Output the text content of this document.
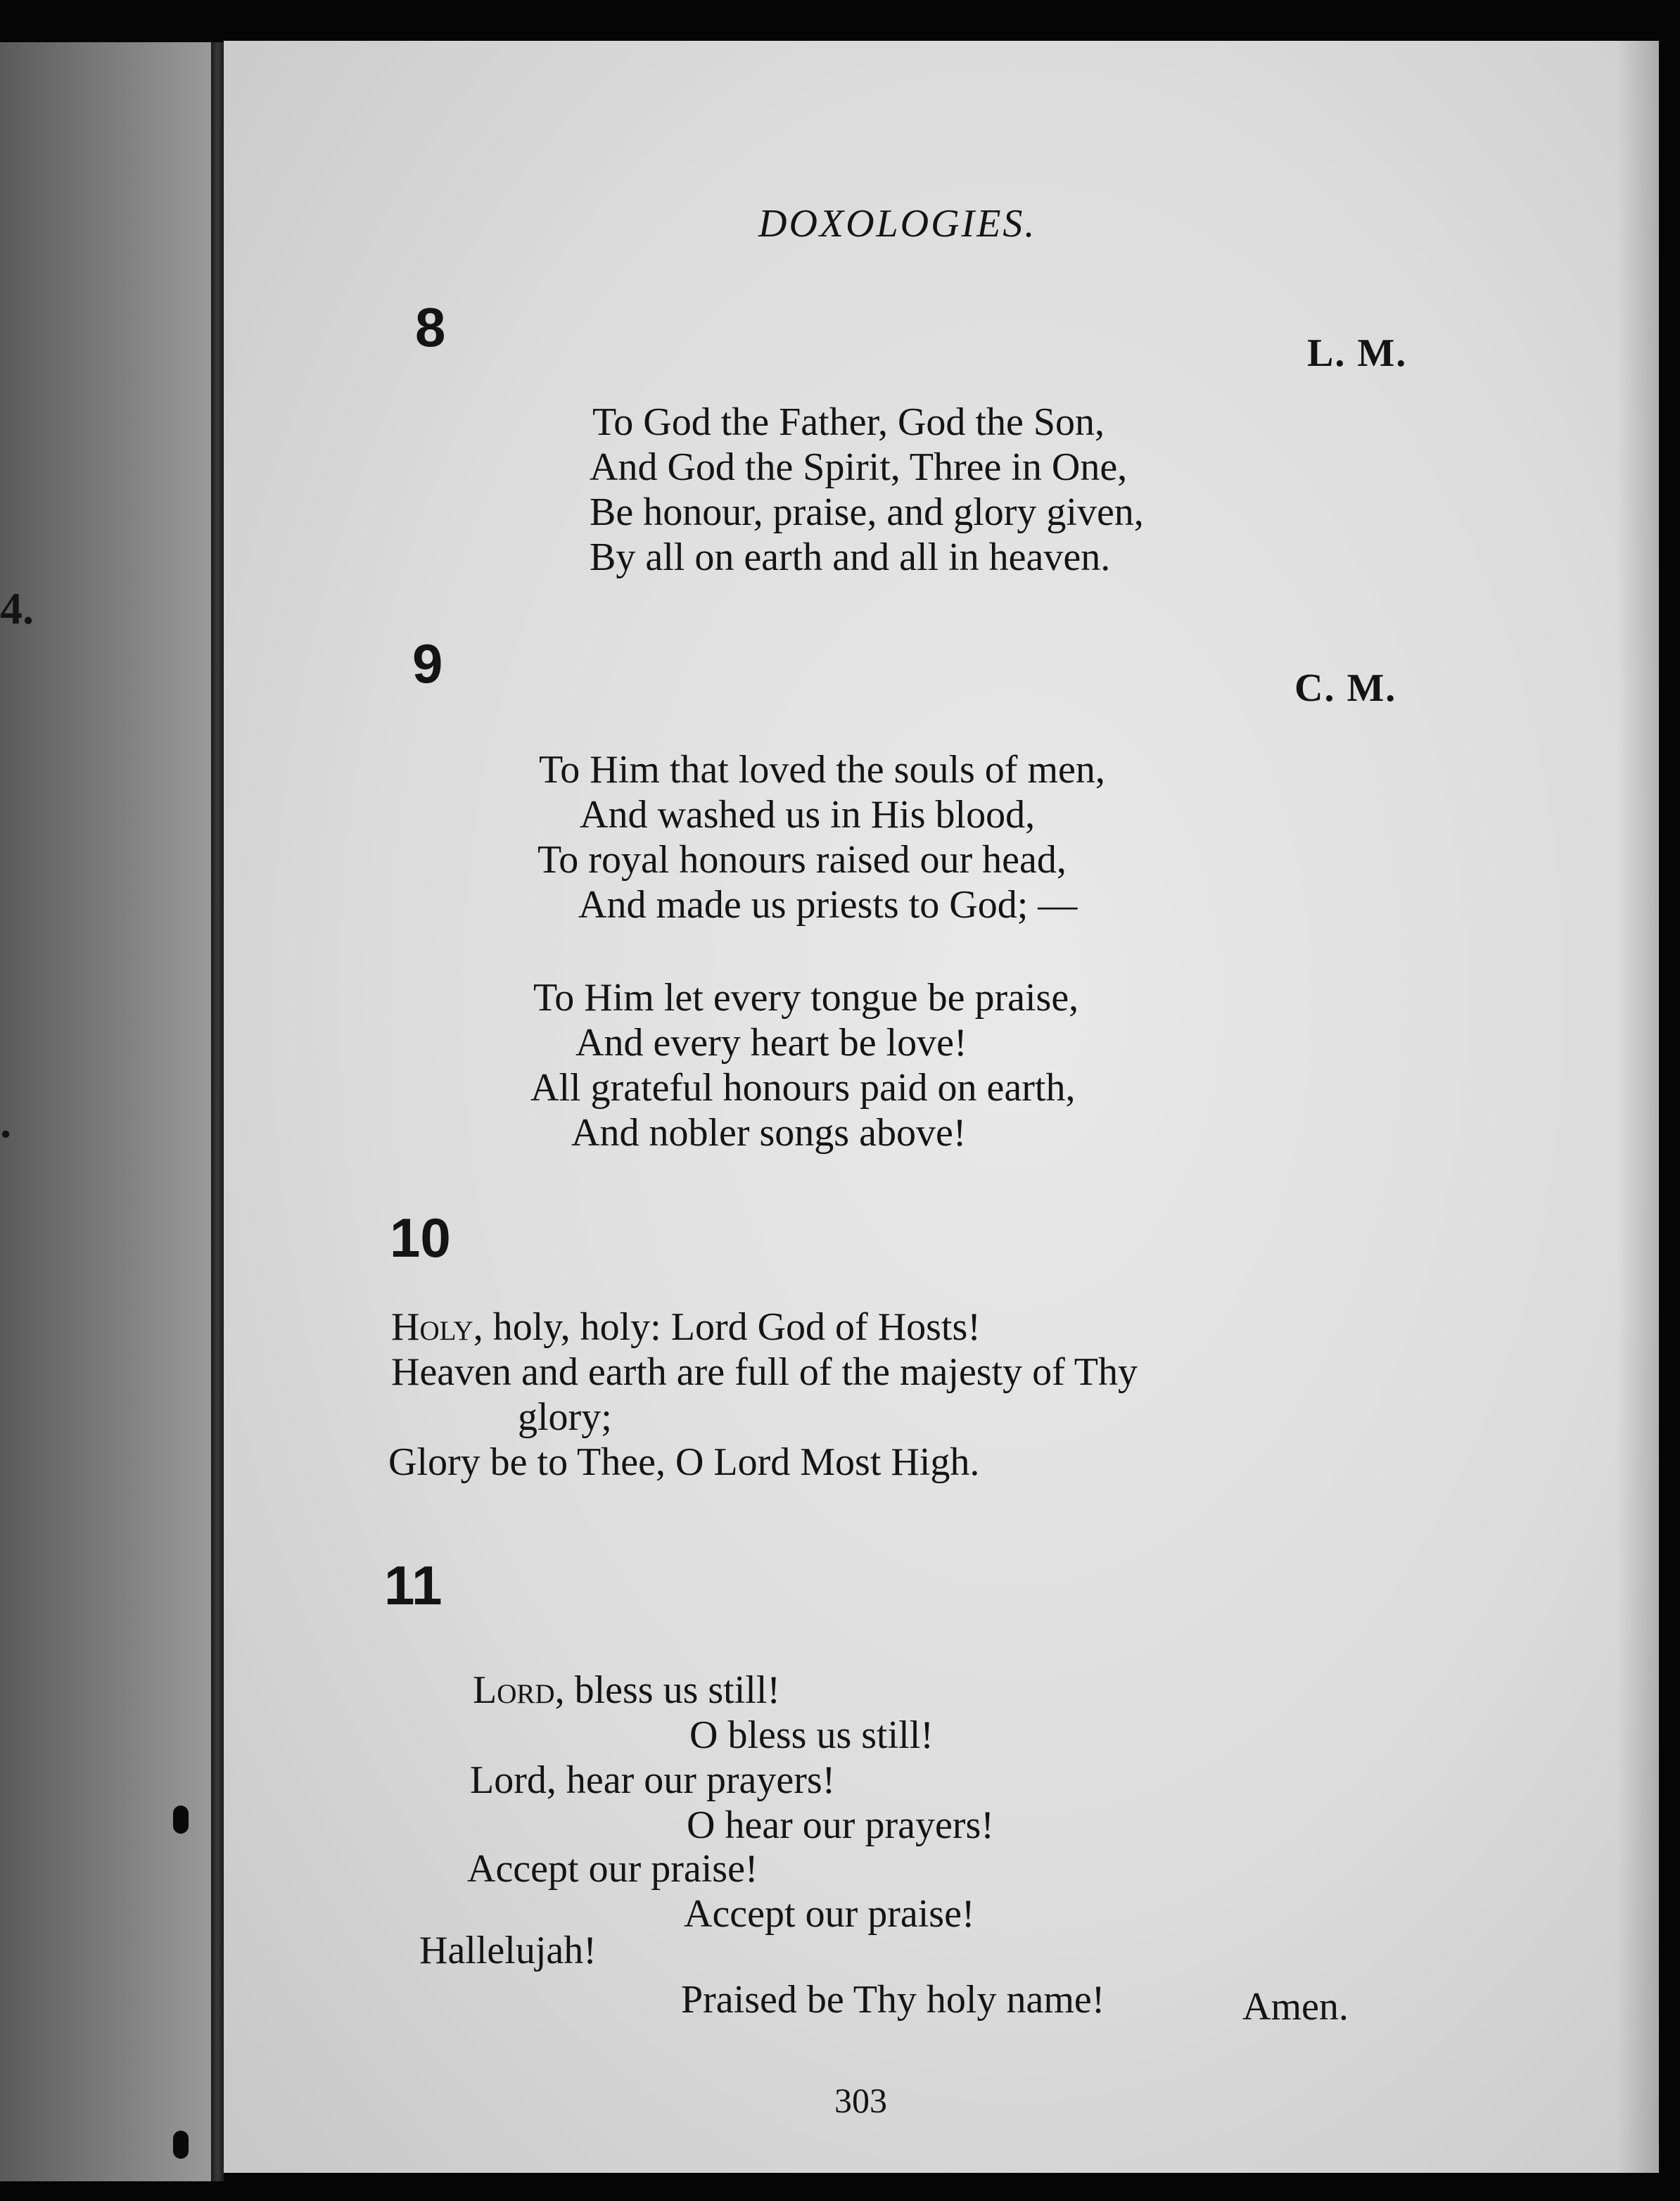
4.
.
DOXOLOGIES.
8	L. M.
To God the Father, God the Son,
And God the Spirit, Three in One,
Be honour, praise, and glory given,
By all on earth and all in heaven.
9	C. M.
To Him that loved the souls of men,
And washed us in His blood,
To royal honours raised our head,
And made us priests to God; —
To Him let every tongue be praise,
And every heart be love!
All grateful honours paid on earth,
And nobler songs above!
10
Holy, holy, holy: Lord God of Hosts!
Heaven and earth are full of the majesty of Thy
glory;
Glory be to Thee, O Lord Most High.
11
Lord, bless us still!
O bless us still!
Lord, hear our prayers!
O hear our prayers!
Accept our praise!
Accept our praise!
Hallelujah!
Praised be Thy holy name!	Amen.
303
